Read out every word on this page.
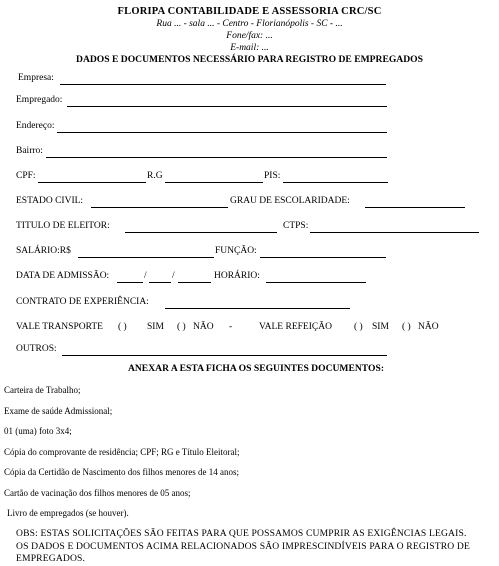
FLORIPA CONTABILIDADE E ASSESSORIA CRC/SC
Rua ... - sala ... - Centro - Florianópolis - SC - ...
Fone/fax: ...
E-mail: ...
DADOS E DOCUMENTOS NECESSÁRIO PARA REGISTRO DE EMPREGADOS
Empresa:
Empregado:
Endereço:
Bairro:
CPF:	R.G	PIS:
ESTADO CIVIL:	GRAU DE ESCOLARIDADE:
TITULO DE ELEITOR:	CTPS:
SALÁRIO:R$	FUNÇÃO:
DATA DE ADMISSÃO:	/	/	HORÁRIO:
CONTRATO DE EXPERIÊNCIA:
VALE TRANSPORTE ( ) SIM ( ) NÃO -	VALE REFEIÇÃO ( ) SIM ( ) NÃO
OUTROS:
ANEXAR A ESTA FICHA OS SEGUINTES DOCUMENTOS:
Carteira de Trabalho;
Exame de saúde Admissional;
01 (uma) foto 3x4;
Cópia do comprovante de residência; CPF; RG e Título Eleitoral;
Cópia da Certidão de Nascimento dos filhos menores de 14 anos;
Cartão de vacinação dos filhos menores de 05 anos;
Livro de empregados (se houver).
OBS: ESTAS SOLICITAÇÕES SÃO FEITAS PARA QUE POSSAMOS CUMPRIR AS EXIGÊNCIAS LEGAIS.
OS DADOS E DOCUMENTOS ACIMA RELACIONADOS SÃO IMPRESCINDÍVEIS PARA O REGISTRO DE
EMPREGADOS.
